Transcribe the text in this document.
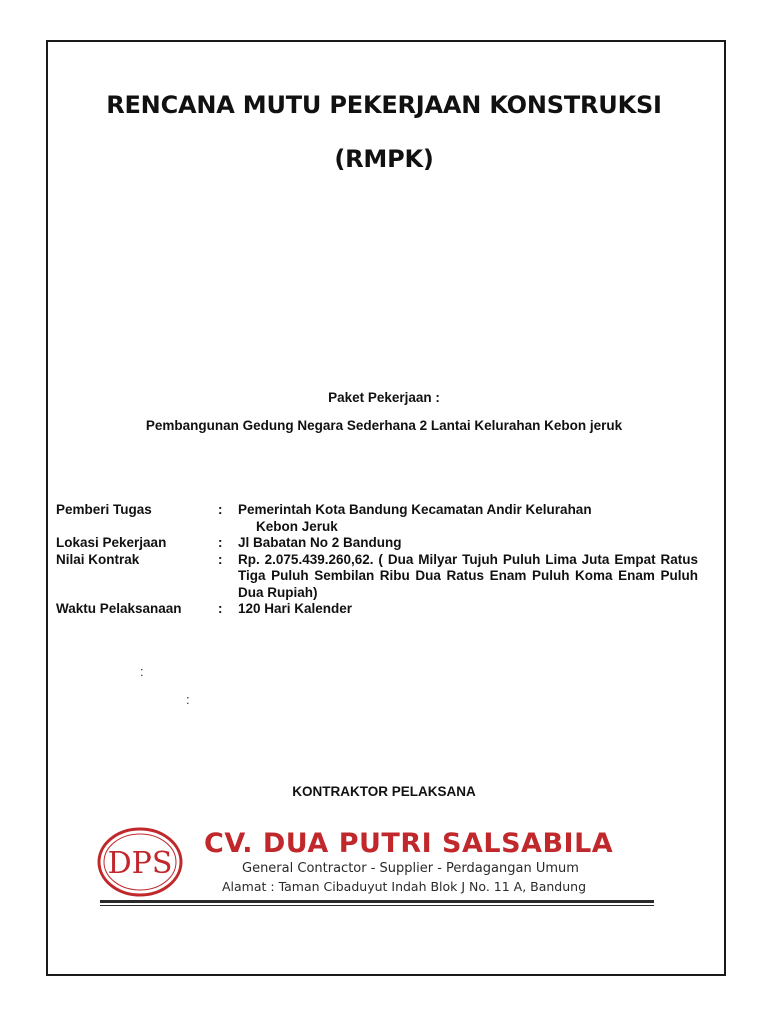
RENCANA MUTU PEKERJAAN KONSTRUKSI
(RMPK)
Paket Pekerjaan :
Pembangunan Gedung Negara Sederhana 2 Lantai Kelurahan Kebon jeruk
Pemberi Tugas	:	Pemerintah Kota Bandung Kecamatan Andir Kelurahan
Kebon Jeruk

Lokasi Pekerjaan	:	Jl Babatan No 2 Bandung
Nilai Kontrak	:	Rp. 2.075.439.260,62. ( Dua Milyar Tujuh Puluh Lima Juta Empat Ratus Tiga Puluh Sembilan Ribu Dua Ratus Enam Puluh Koma Enam Puluh Dua Rupiah)
Waktu Pelaksanaan	:	120 Hari Kalender
:
:
KONTRAKTOR PELAKSANA
DPS
CV. DUA PUTRI SALSABILA
General Contractor - Supplier - Perdagangan Umum
Alamat : Taman Cibaduyut Indah Blok J No. 11 A, Bandung
